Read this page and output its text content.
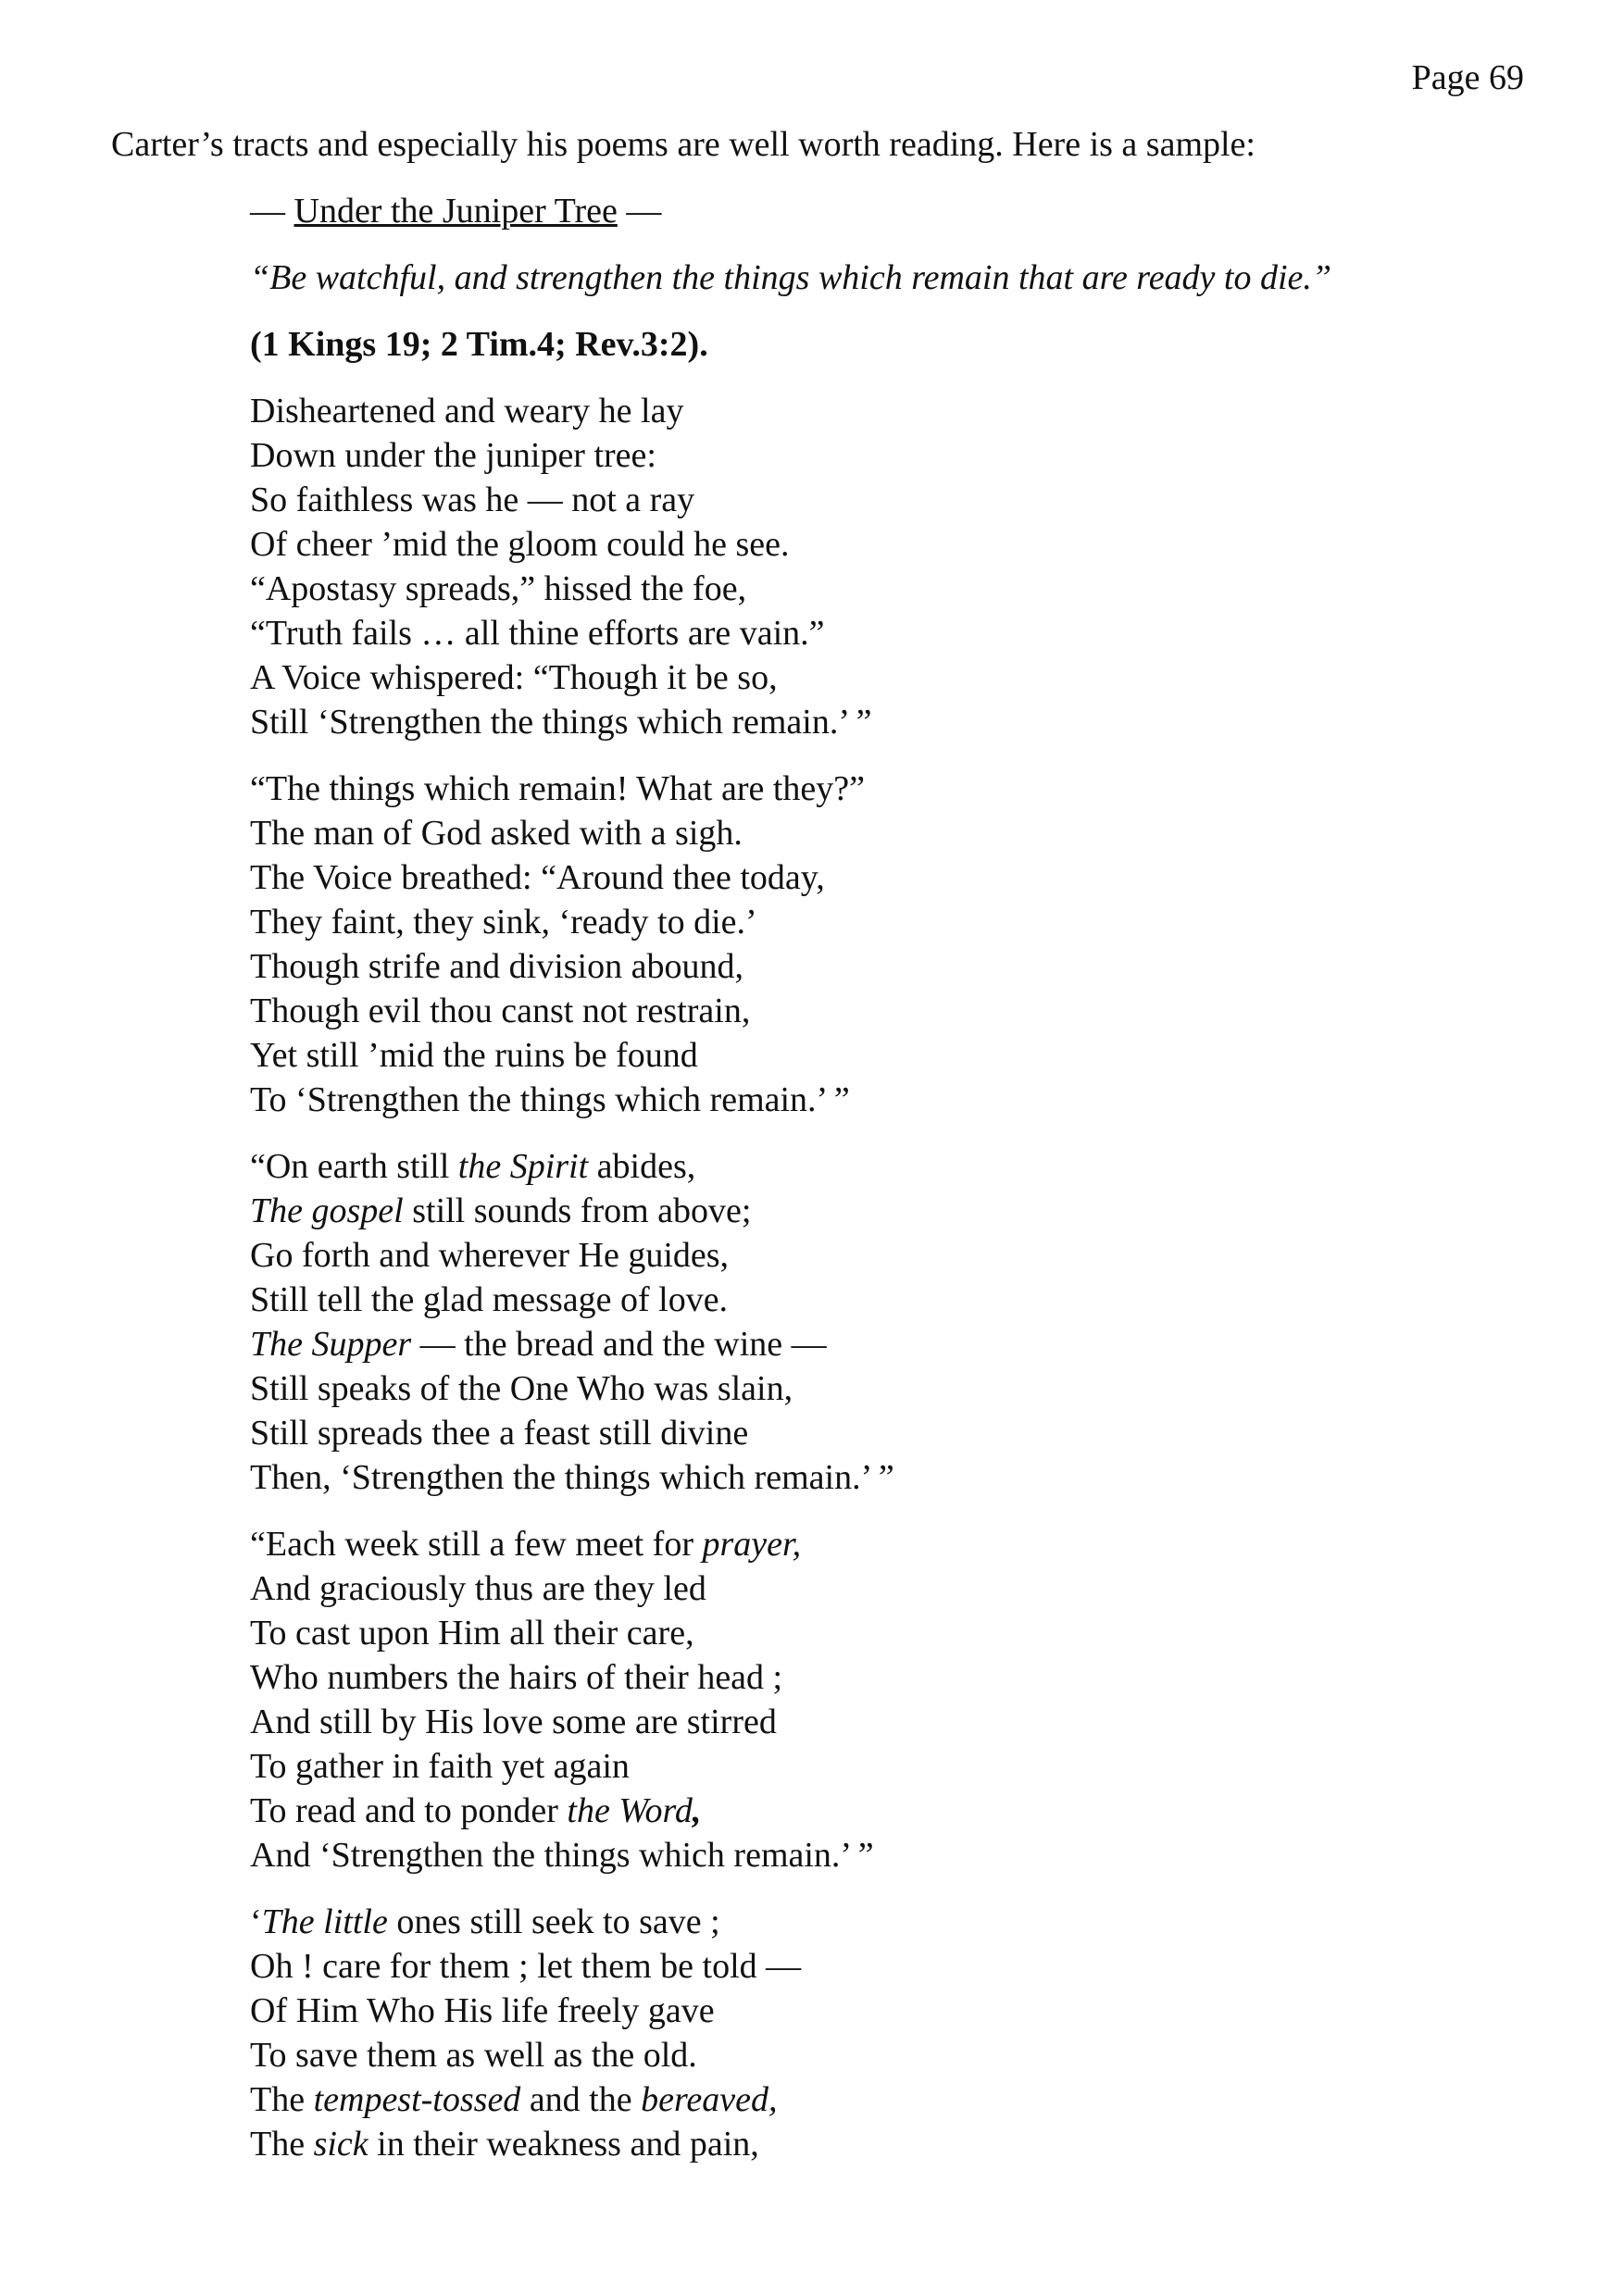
Page 69
Carter’s tracts and especially his poems are well worth reading. Here is a sample:
— Under the Juniper Tree —
“Be watchful, and strengthen the things which remain that are ready to die.”
(1 Kings 19; 2 Tim.4; Rev.3:2).
Disheartened and weary he lay
Down under the juniper tree:
So faithless was he — not a ray
Of cheer ’mid the gloom could he see.
“Apostasy spreads,” hissed the foe,
“Truth fails … all thine efforts are vain.”
A Voice whispered: “Though it be so,
Still ‘Strengthen the things which remain.’ ”
“The things which remain! What are they?”
The man of God asked with a sigh.
The Voice breathed: “Around thee today,
They faint, they sink, ‘ready to die.’
Though strife and division abound,
Though evil thou canst not restrain,
Yet still ’mid the ruins be found
To ‘Strengthen the things which remain.’ ”
“On earth still the Spirit abides,
The gospel still sounds from above;
Go forth and wherever He guides,
Still tell the glad message of love.
The Supper — the bread and the wine —
Still speaks of the One Who was slain,
Still spreads thee a feast still divine
Then, ‘Strengthen the things which remain.’ ”
“Each week still a few meet for prayer,
And graciously thus are they led
To cast upon Him all their care,
Who numbers the hairs of their head ;
And still by His love some are stirred
To gather in faith yet again
To read and to ponder the Word,
And ‘Strengthen the things which remain.’ ”
‘The little ones still seek to save ;
Oh ! care for them ; let them be told —
Of Him Who His life freely gave
To save them as well as the old.
The tempest-tossed and the bereaved,
The sick in their weakness and pain,
